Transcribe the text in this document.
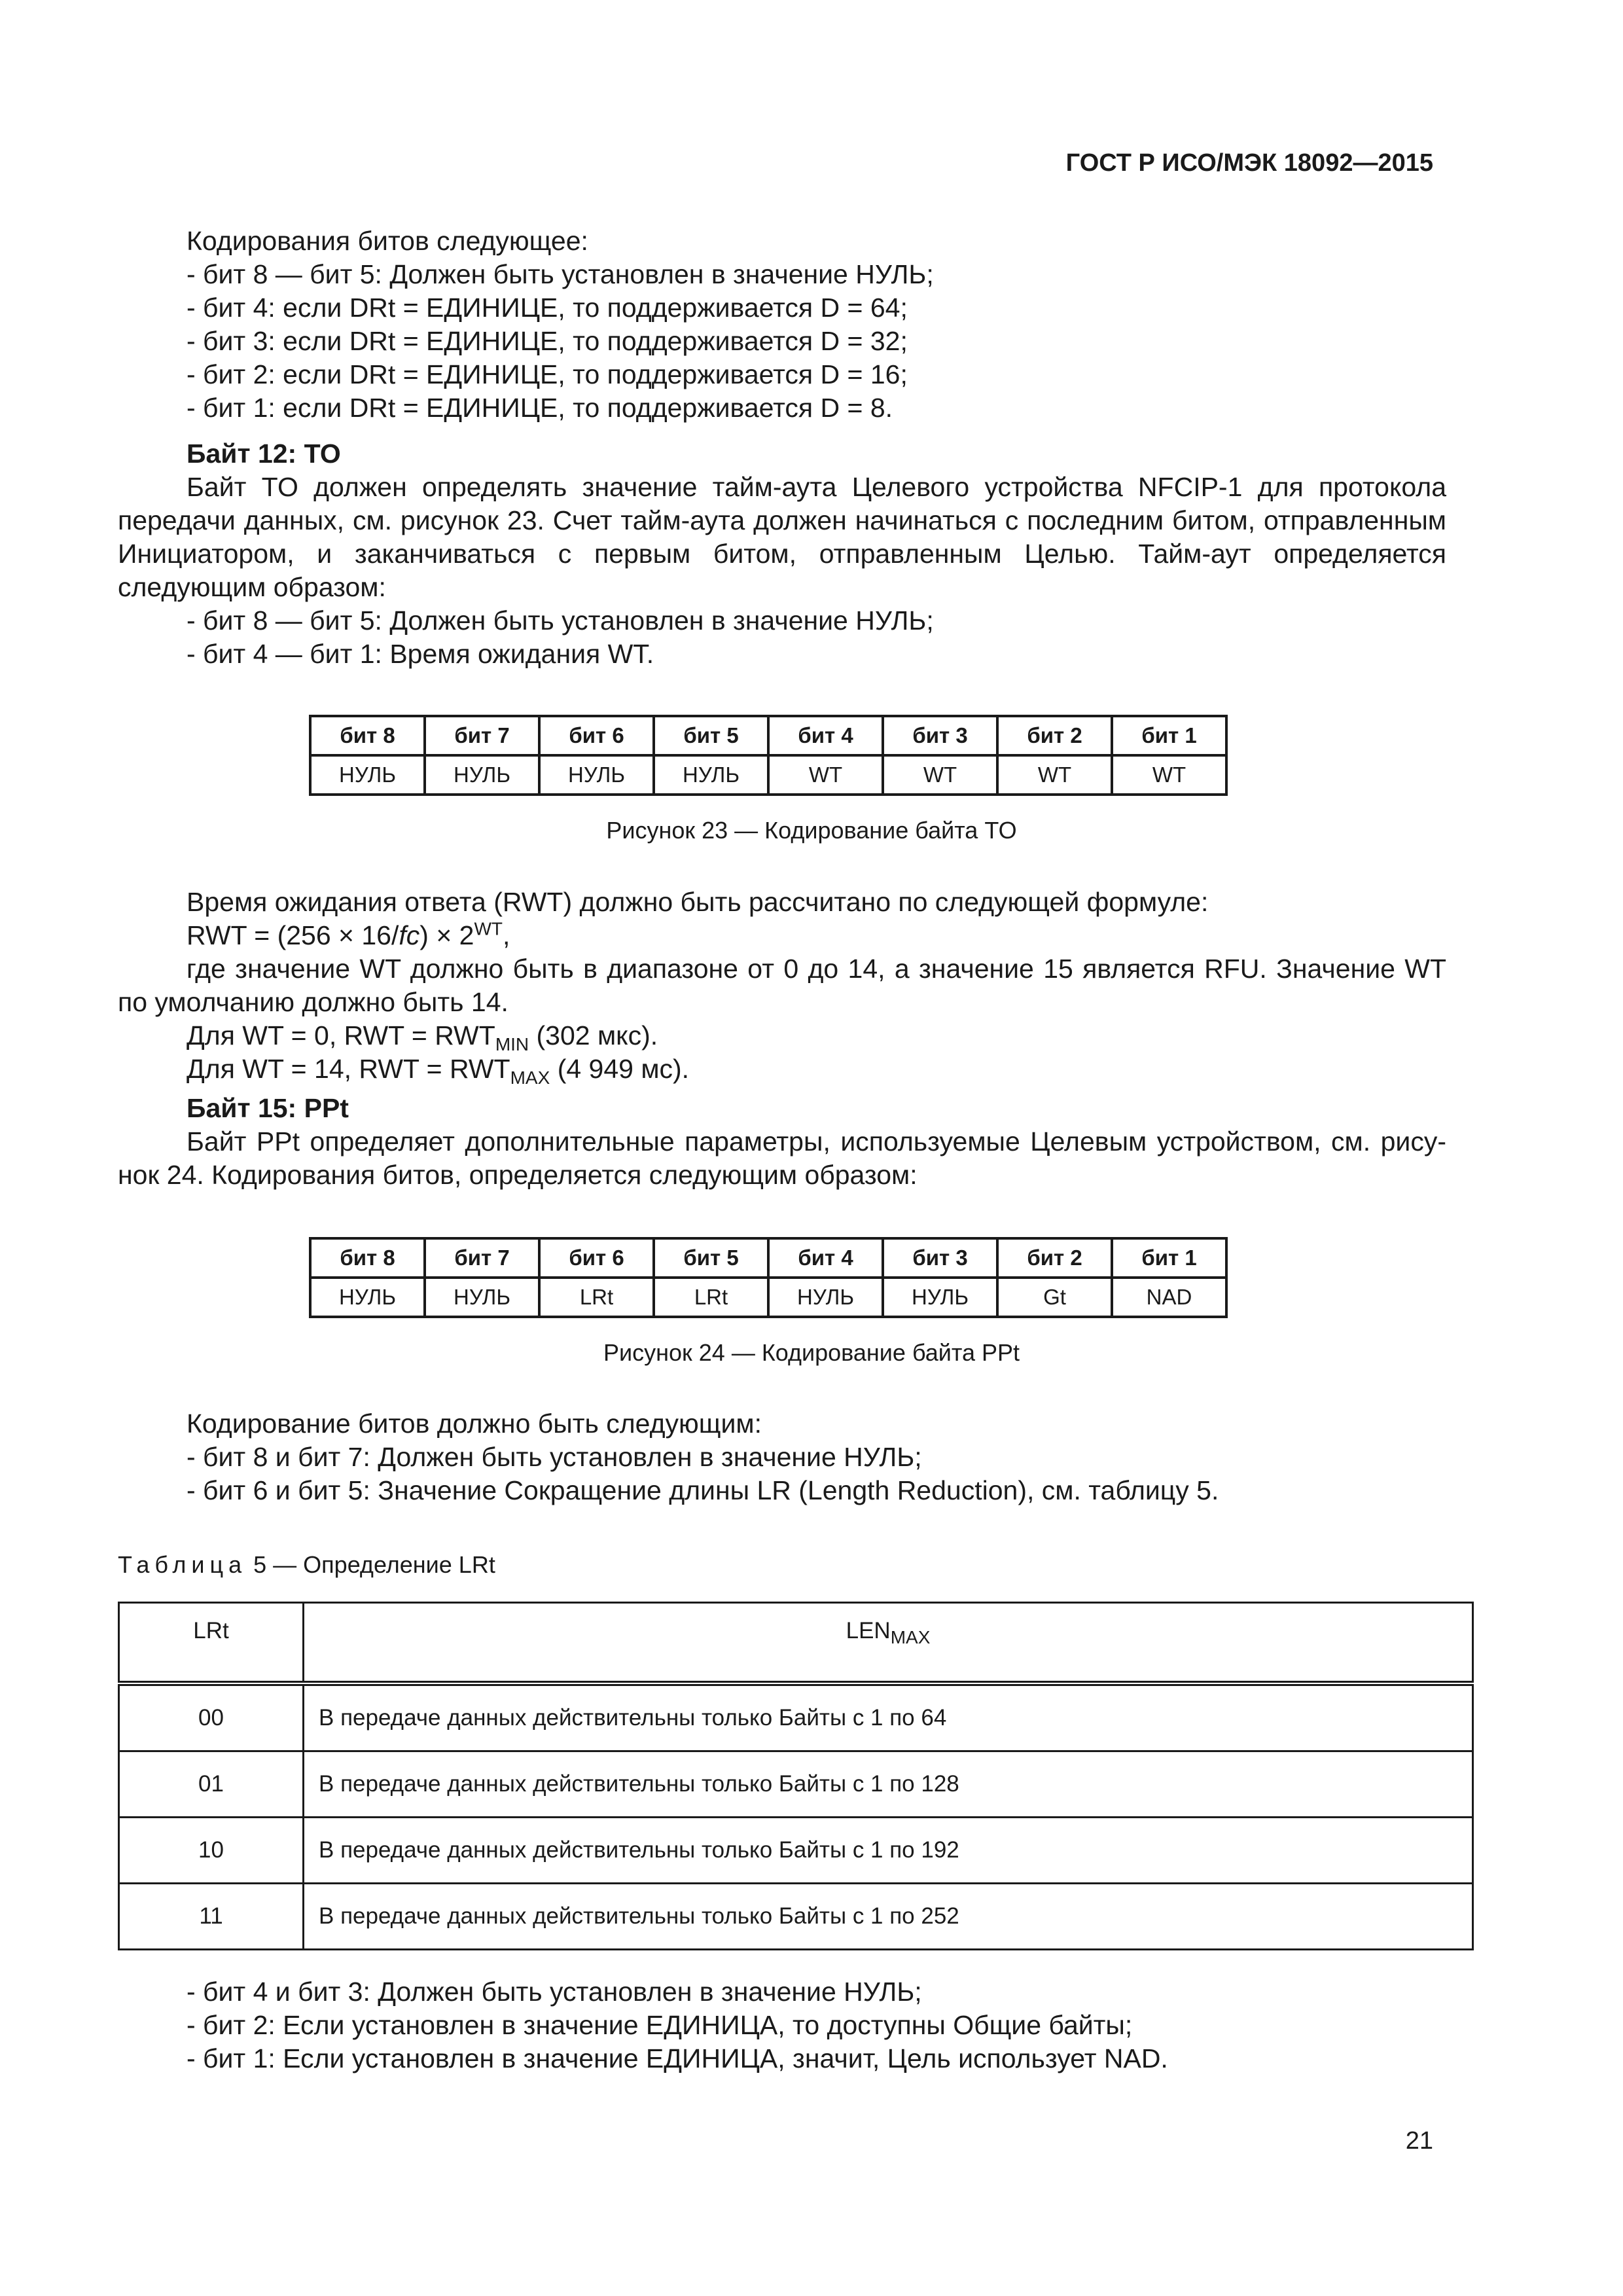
ГОСТ Р ИСО/МЭК 18092—2015

Кодирования битов следующее:

- бит 8 — бит 5: Должен быть установлен в значение НУЛЬ;

- бит 4: если DRt = ЕДИНИЦЕ, то поддерживается D = 64;

- бит 3: если DRt = ЕДИНИЦЕ, то поддерживается D = 32;

- бит 2: если DRt = ЕДИНИЦЕ, то поддерживается D = 16;

- бит 1: если DRt = ЕДИНИЦЕ, то поддерживается D = 8.

Байт 12: TO

Байт TO должен определять значение тайм-аута Целевого устройства NFCIP-1 для протокола передачи данных, см. рисунок 23. Счет тайм-аута должен начинаться с последним битом, отправленным Инициатором, и заканчиваться с первым битом, отправленным Целью. Тайм-аут определяется следующим образом:

- бит 8 — бит 5: Должен быть установлен в значение НУЛЬ;

- бит 4 — бит 1: Время ожидания WT.

бит 8	бит 7	бит 6	бит 5	бит 4	бит 3	бит 2	бит 1
НУЛЬ	НУЛЬ	НУЛЬ	НУЛЬ	WT	WT	WT	WT
Рисунок 23 — Кодирование байта TO

Время ожидания ответа (RWT) должно быть рассчитано по следующей формуле:

RWT = $(256 \times 16/fc) \times 2^{WT}$,

где значение WT должно быть в диапазоне от 0 до 14, а значение 15 является RFU. Значение WT по умолчанию должно быть 14.

Для WT = 0, RWT = $RWT_{MIN}$ (302 мкс).

Для WT = 14, RWT = $RWT_{MAX}$ (4 949 мс).

Байт 15: PPt

Байт PPt определяет дополнительные параметры, используемые Целевым устройством, см. рисунок 24. Кодирования битов, определяется следующим образом:

бит 8	бит 7	бит 6	бит 5	бит 4	бит 3	бит 2	бит 1
НУЛЬ	НУЛЬ	LRt	LRt	НУЛЬ	НУЛЬ	Gt	NAD
Рисунок 24 — Кодирование байта PPt

Кодирование битов должно быть следующим:

- бит 8 и бит 7: Должен быть установлен в значение НУЛЬ;

- бит 6 и бит 5: Значение Сокращение длины LR (Length Reduction), см. таблицу 5.

Таблица 5 — Определение LRt
LRt	$LEN_{MAX}$
00	В передаче данных действительны только Байты с 1 по 64
01	В передаче данных действительны только Байты с 1 по 128
10	В передаче данных действительны только Байты с 1 по 192
11	В передаче данных действительны только Байты с 1 по 252

- бит 4 и бит 3: Должен быть установлен в значение НУЛЬ;

- бит 2: Если установлен в значение ЕДИНИЦА, то доступны Общие байты;

- бит 1: Если установлен в значение ЕДИНИЦА, значит, Цель использует NAD.

21
